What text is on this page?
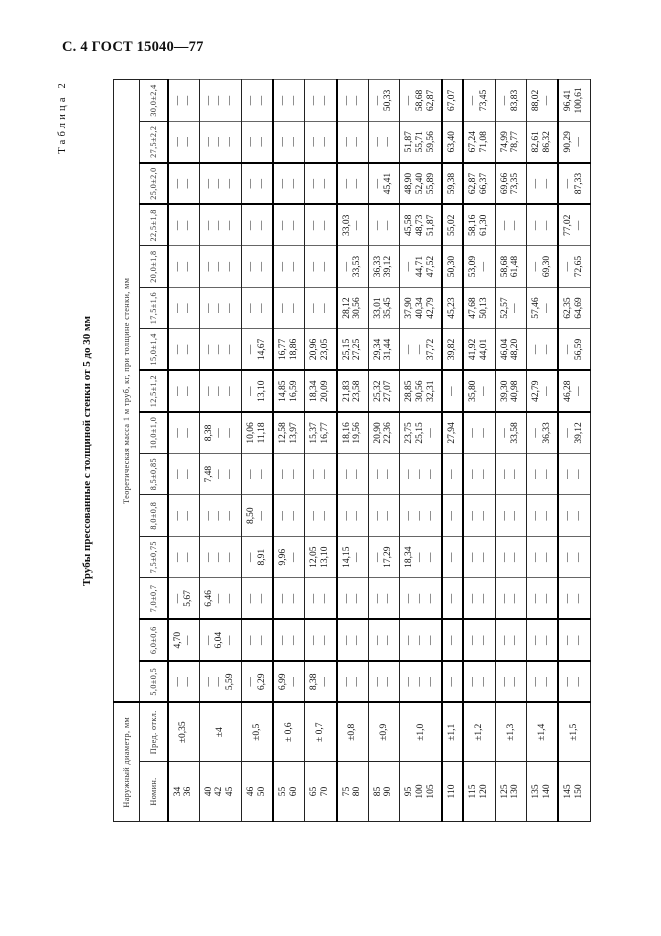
С. 4 ГОСТ 15040—77
Таблица 2
Трубы прессованные с толщиной стенки от 5 до 30 мм
Наружный диаметр, мм		Теоретическая масса 1 м труб, кг, при толщине стенки, мм														
Номин.	Пред. откл.	5,0±0,5	6,0±0,6	7,0±0,7	7,5±0,75	8,0±0,8	8,5±0,85	10,0±1,0	12,5±1,2	15,0±1,4	17,5±1,6	20,0±1,8	22,5±1,8	25,0±2,0	27,5±2,2	30,0±2,4

34 36	±0,35	— —	4,70 —	— 5,67	— —	— —	— —	— —	— —	— —	— —	— —	— —	— —	— —	— —

40 42 45	±4	— — 5,59	— 6,04 —	6,46 — —	— — —	— — —	7,48 — —	8,38 — —	— — —	— — —	— — —	— — —	— — —	— — —	— — —	— — —

46 50	±0,5	— 6,29	— —	— —	— 8,91	8,50 —	— —	10,06 11,18	— 13,10	— 14,67	— —	— —	— —	— —	— —	— —

55 60	± 0,6	6,99 —	— —	— —	9,96 —	— —	— —	12,58 13,97	14,85 16,59	16,77 18,86	— —	— —	— —	— —	— —	— —

65 70	± 0,7	8,38 —	— —	— —	12,05 13,10	— —	— —	15,37 16,77	18,34 20,09	20,96 23,05	— —	— —	— —	— —	— —	— —

75 80	±0,8	— —	— —	— —	14,15 —	— —	— —	18,16 19,56	21,83 23,58	25,15 27,25	28,12 30,56	— 33,53	33,03 —	— —	— —	— —

85 90	±0,9	— —	— —	— —	— 17,29	— —	— —	20,90 22,36	25,32 27,07	29,34 31,44	33,01 35,45	36,33 39,12	— —	— 45,41	— —	— 50,33

95 100 105	±1,0	— — —	— — —	— — —	18,34 — —	— — —	— — —	23,75 25,15 —	28,85 30,56 32,31	— — 37,72	37,90 40,34 42,79	— 44,71 47,52	45,58 48,73 51,87	48,90 52,40 55,89	51,87 55,71 59,56	— 58,68 62,87

110	±1,1	—	—	—	—	—	—	27,94	—	39,82	45,23	50,30	55,02	59,38	63,40	67,07

115 120	±1,2	— —	— —	— —	— —	— —	— —	— —	35,80 —	41,92 44,01	47,68 50,13	53,09 —	58,16 61,30	62,87 66,37	67,24 71,08	— 73,45

125 130	±1,3	— —	— —	— —	— —	— —	— —	— 33,58	39,30 40,98	46,04 48,20	52,57 —	58,68 61,48	— —	69,66 73,35	74,99 78,77	— 83,83

135 140	±1,4	— —	— —	— —	— —	— —	— —	— 36,33	42,79 —	— —	57,46 —	— 69,30	— —	— —	82,61 86,32	88,02 —

145 150	±1,5	— —	— —	— —	— —	— —	— —	— 39,12	46,28 —	— 56,59	62,35 64,69	— 72,65	77,02 —	— 87,33	90,29 —	96,41 100,61
